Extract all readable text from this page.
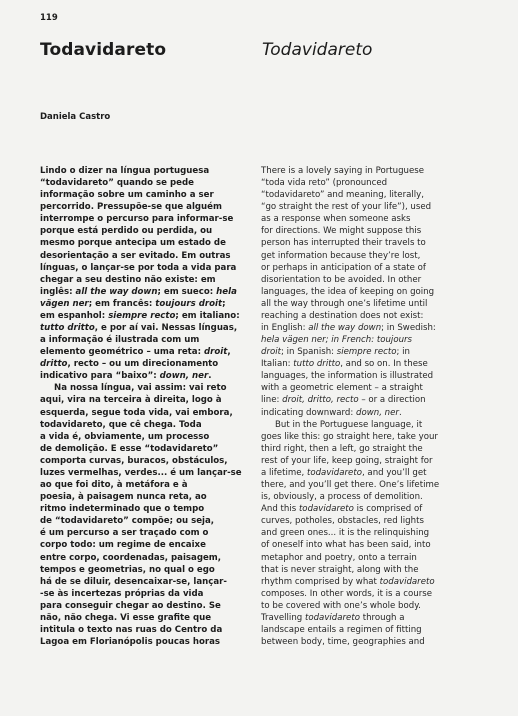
119
Todavidareto	Todavidareto
Daniela Castro
Lindo o dizer na língua portuguesa
“todavidareto” quando se pede
informação sobre um caminho a ser
percorrido. Pressupõe-se que alguém
interrompe o percurso para informar-se
porque está perdido ou perdida, ou
mesmo porque antecipa um estado de
desorientação a ser evitado. Em outras
línguas, o lançar-se por toda a vida para
chegar a seu destino não existe: em
inglês: all the way down; em sueco: hela
vägen ner; em francês: toujours droit;
em espanhol: siempre recto; em italiano:
tutto dritto, e por aí vai. Nessas línguas,
a informação é ilustrada com um
elemento geométrico – uma reta: droit,
dritto, recto – ou um direcionamento
indicativo para “baixo”: down, ner.
Na nossa língua, vai assim: vai reto
aqui, vira na terceira à direita, logo à
esquerda, segue toda vida, vai embora,
todavidareto, que cê chega. Toda
a vida é, obviamente, um processo
de demolição. E esse “todavidareto”
comporta curvas, buracos, obstáculos,
luzes vermelhas, verdes... é um lançar-se
ao que foi dito, à metáfora e à
poesia, à paisagem nunca reta, ao
ritmo indeterminado que o tempo
de “todavidareto” compõe; ou seja,
é um percurso a ser traçado com o
corpo todo: um regime de encaixe
entre corpo, coordenadas, paisagem,
tempos e geometrias, no qual o ego
há de se diluir, desencaixar-se, lançar-
-se às incertezas próprias da vida
para conseguir chegar ao destino. Se
não, não chega. Vi esse grafite que
intitula o texto nas ruas do Centro da
Lagoa em Florianópolis poucas horas
There is a lovely saying in Portuguese
“toda vida reto” (pronounced
“todavidareto” and meaning, literally,
“go straight the rest of your life”), used
as a response when someone asks
for directions. We might suppose this
person has interrupted their travels to
get information because they’re lost,
or perhaps in anticipation of a state of
disorientation to be avoided. In other
languages, the idea of keeping on going
all the way through one’s lifetime until
reaching a destination does not exist:
in English: all the way down; in Swedish:
hela vägen ner; in French: toujours
droit; in Spanish: siempre recto; in
Italian: tutto dritto, and so on. In these
languages, the information is illustrated
with a geometric element – a straight
line: droit, dritto, recto – or a direction
indicating downward: down, ner.
But in the Portuguese language, it
goes like this: go straight here, take your
third right, then a left, go straight the
rest of your life, keep going, straight for
a lifetime, todavidareto, and you’ll get
there, and you’ll get there. One’s lifetime
is, obviously, a process of demolition.
And this todavidareto is comprised of
curves, potholes, obstacles, red lights
and green ones... it is the relinquishing
of oneself into what has been said, into
metaphor and poetry, onto a terrain
that is never straight, along with the
rhythm comprised by what todavidareto
composes. In other words, it is a course
to be covered with one’s whole body.
Travelling todavidareto through a
landscape entails a regimen of fitting
between body, time, geographies and
